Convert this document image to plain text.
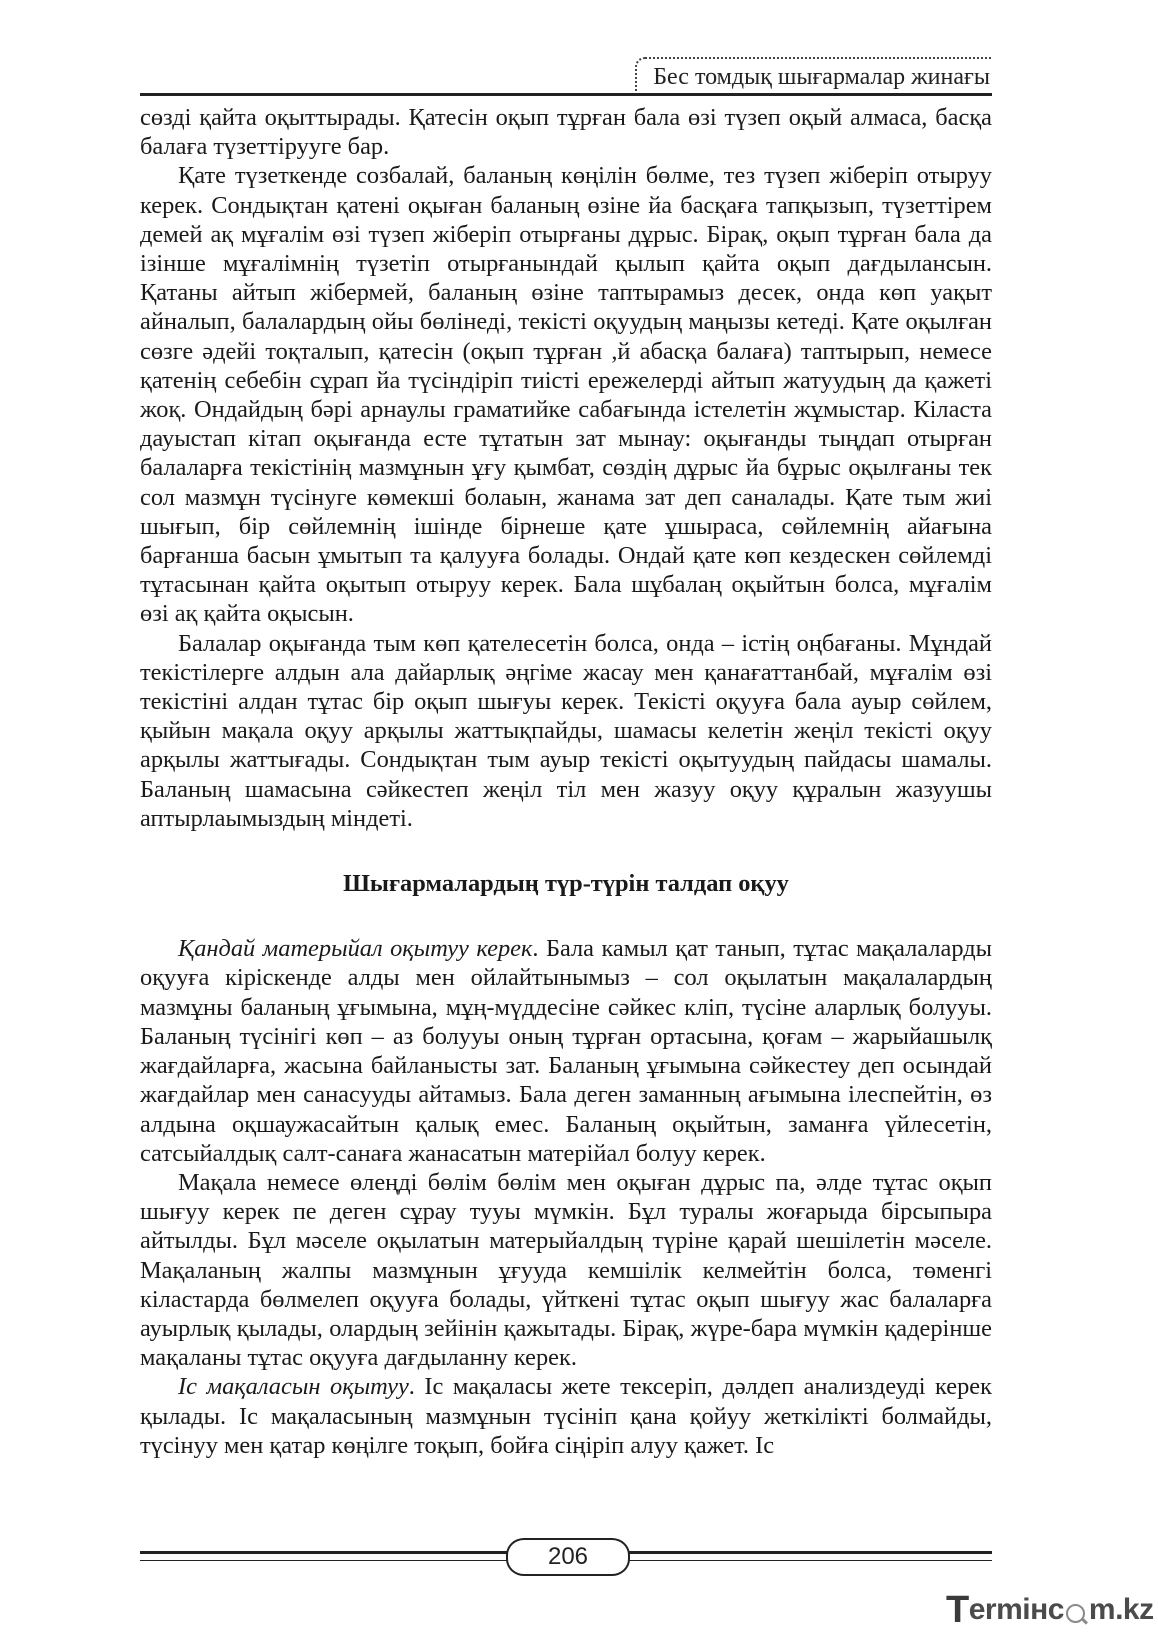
Бес томдық шығармалар жинағы

сөзді қайта оқыттырады. Қатесін оқып тұрған бала өзі түзеп оқый алмаса, басқа балаға түзеттірууге бар.

Қате түзеткенде созбалай, баланың көңілін бөлме, тез түзеп жіберіп отыруу керек. Сондықтан қатені оқыған баланың өзіне йа басқаға тапқызып, түзеттірем демей ақ мұғалім өзі түзеп жіберіп отырғаны дұрыс. Бірақ, оқып тұрған бала да ізінше мұғалімнің түзетіп отырғанындай қылып қайта оқып дағдылансын. Қатаны айтып жібермей, баланың өзіне таптырамыз десек, онда көп уақыт айналып, балалардың ойы бөлінеді, текісті оқуудың маңызы кетеді. Қате оқылған сөзге әдейі тоқталып, қатесін (оқып тұрған ,й абасқа балаға) таптырып, немесе қатенің себебін сұрап йа түсіндіріп тиісті ережелерді айтып жатуудың да қажеті жоқ. Ондайдың бәрі арнаулы граматийке сабағында істелетін жұмыстар. Кіласта дауыстап кітап оқығанда есте тұтатын зат мынау: оқығанды тыңдап отырған балаларға текістінің мазмұнын ұғу қымбат, сөздің дұрыс йа бұрыс оқылғаны тек сол мазмұн түсінуге көмекші болаын, жанама зат деп саналады. Қате тым жиі шығып, бір сөйлемнің ішінде бірнеше қате ұшыраса, сөйлемнің айағына барғанша басын ұмытып та қалууға болады. Ондай қате көп кездескен сөйлемді тұтасынан қайта оқытып отыруу керек. Бала шұбалаң оқыйтын болса, мұғалім өзі ақ қайта оқысын.

Балалар оқығанда тым көп қателесетін болса, онда – істің оңбағаны. Мұндай текістілерге алдын ала дайарлық әңгіме жасау мен қанағаттанбай, мұғалім өзі текістіні алдан тұтас бір оқып шығуы керек. Текісті оқууға бала ауыр сөйлем, қыйын мақала оқуу арқылы жаттықпайды, шамасы келетін жеңіл текісті оқуу арқылы жаттығады. Сондықтан тым ауыр текісті оқытуудың пайдасы шамалы. Баланың шамасына сәйкестеп жеңіл тіл мен жазуу оқуу құралын жазуушы аптырлаымыздың міндеті.

Шығармалардың түр-түрін талдап оқуу

Қандай матерыйал оқытуу керек. Бала камыл қат танып, тұтас мақалаларды оқууға кіріскенде алды мен ойлайтынымыз – сол оқылатын мақалалардың мазмұны баланың ұғымына, мұң-мүддесіне сәйкес кліп, түсіне аларлық болууы. Баланың түсінігі көп – аз болууы оның тұрған ортасына, қоғам – жарыйашылқ жағдайларға, жасына байланысты зат. Баланың ұғымына сәйкестеу деп осындай жағдайлар мен санасууды айтамыз. Бала деген заманның ағымына ілеспейтін, өз алдына оқшаужасайтын қалық емес. Баланың оқыйтын, заманға үйлесетін, сатсыйалдық салт-санаға жанасатын матерійал болуу керек.

Мақала немесе өлеңді бөлім бөлім мен оқыған дұрыс па, әлде тұтас оқып шығуу керек пе деген сұрау тууы мүмкін. Бұл туралы жоғарыда бірсыпыра айтылды. Бұл мәселе оқылатын матерыйалдың түріне қарай шешілетін мәселе. Мақаланың жалпы мазмұнын ұғууда кемшілік келмейтін болса, төменгі кіластарда бөлмелеп оқууға болады, үйткені тұтас оқып шығуу жас балаларға ауырлық қылады, олардың зейінін қажытады. Бірақ, жүре-бара мүмкін қадерінше мақаланы тұтас оқууға дағдыланну керек.

Іс мақаласын оқытуу. Іс мақаласы жете тексеріп, дәлдеп анализдеуді керек қылады. Іс мақаласының мазмұнын түсініп қана қойуу жеткілікті болмайды, түсінуу мен қатар көңілге тоқып, бойға сіңіріп алуу қажет. Іс

206
T ermінc m.kz
